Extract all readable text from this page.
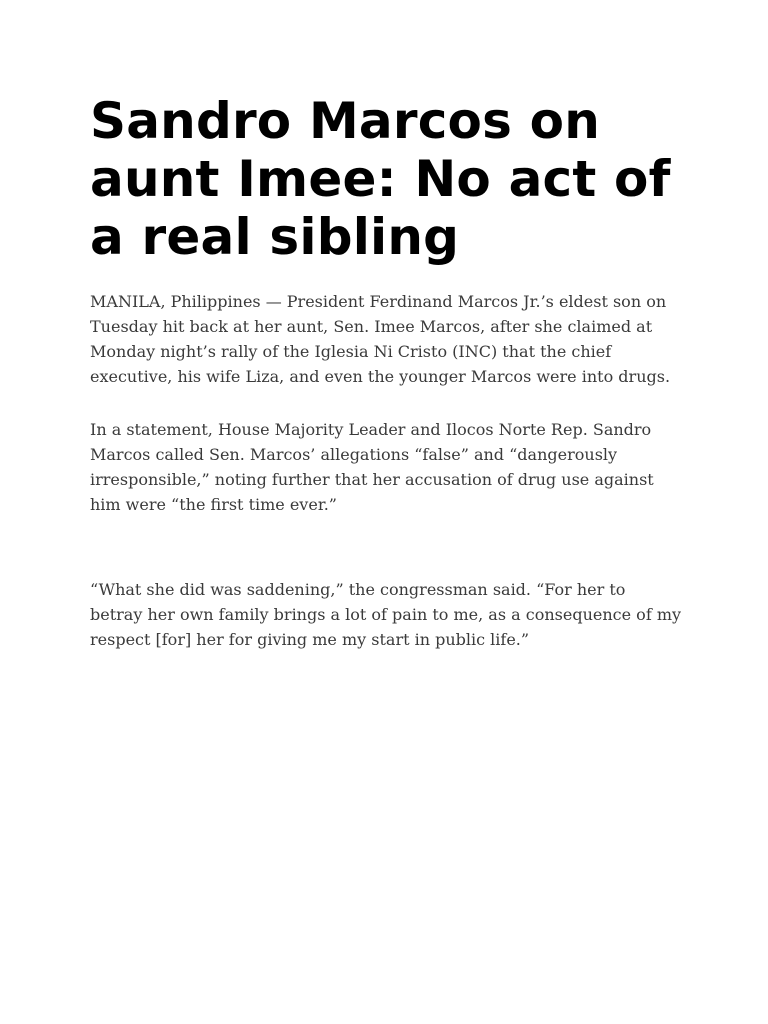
Sandro Marcos on aunt Imee: No act of a real sibling

MANILA, Philippines — President Ferdinand Marcos Jr.’s eldest son on Tuesday hit back at her aunt, Sen. Imee Marcos, after she claimed at Monday night’s rally of the Iglesia Ni Cristo (INC) that the chief executive, his wife Liza, and even the younger Marcos were into drugs.

In a statement, House Majority Leader and Ilocos Norte Rep. Sandro Marcos called Sen. Marcos’ allegations “false” and “dangerously irresponsible,” noting further that her accusation of drug use against him were “the first time ever.”

“What she did was saddening,” the congressman said. “For her to betray her own family brings a lot of pain to me, as a consequence of my respect [for] her for giving me my start in public life.”
